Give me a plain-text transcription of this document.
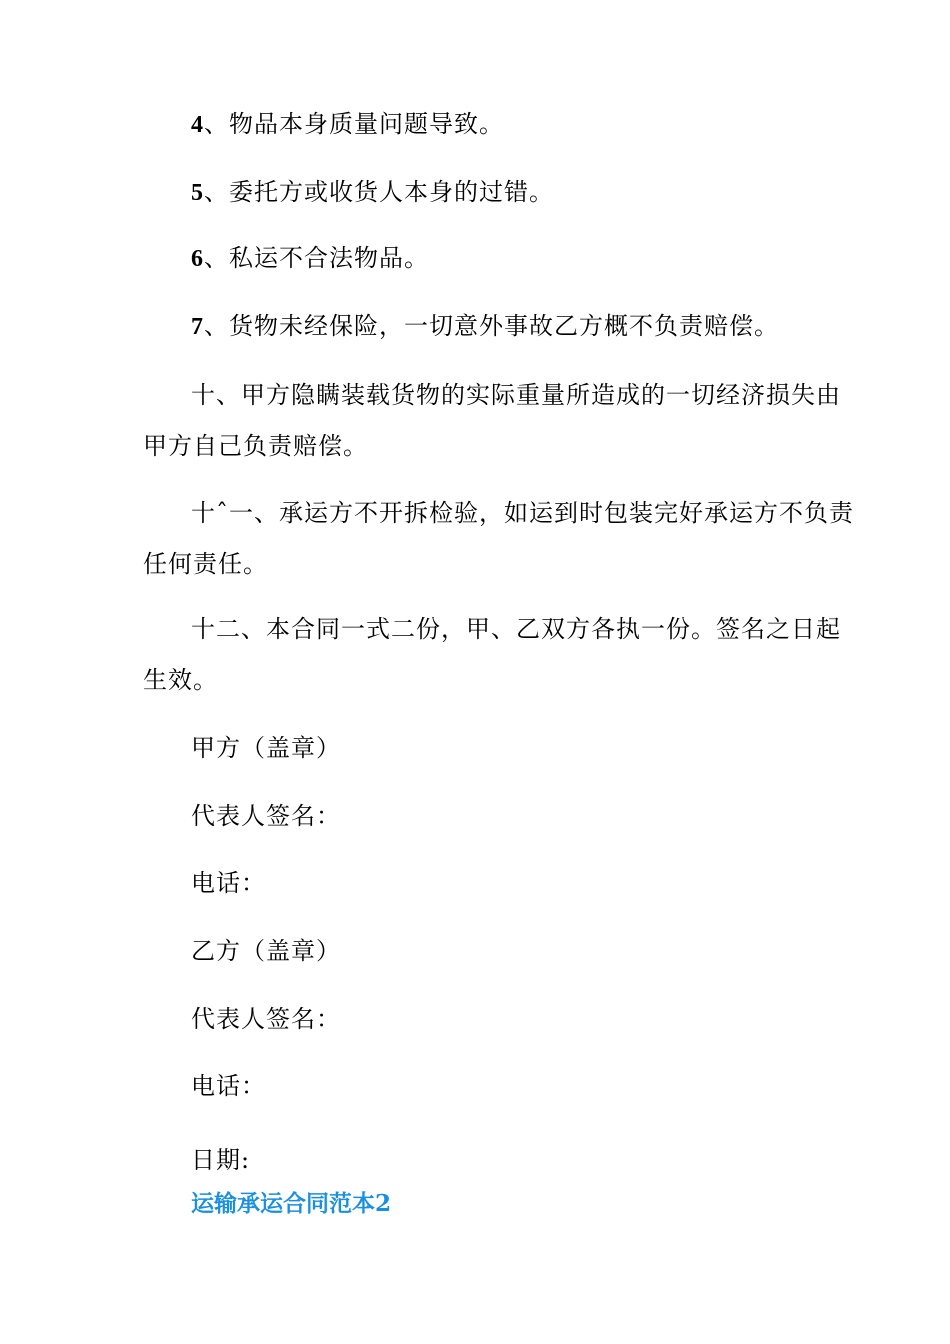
4、物品本身质量问题导致。
5、委托方或收货人本身的过错。
6、私运不合法物品。
7、货物未经保险，一切意外事故乙方概不负责赔偿。
十、甲方隐瞒装载货物的实际重量所造成的一切经济损失由
甲方自己负责赔偿。
十ˆ一、承运方不开拆检验，如运到时包装完好承运方不负责
任何责任。
十二、本合同一式二份，甲、乙双方各执一份。签名之日起
生效。
甲方（盖章）
代表人签名：
电话：
乙方（盖章）
代表人签名：
电话：
日期:
运输承运合同范本2
